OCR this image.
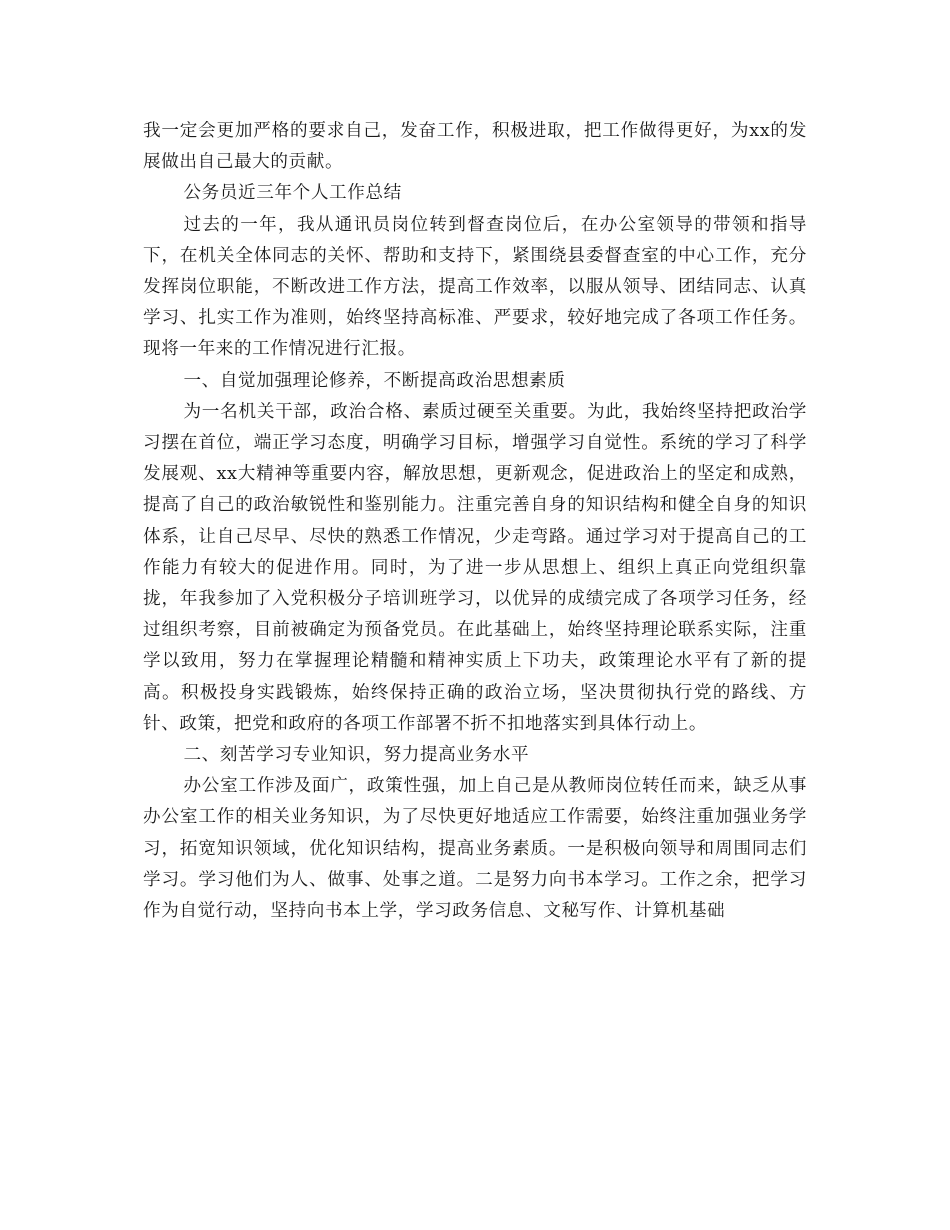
我一定会更加严格的要求自己，发奋工作，积极进取，把工作做得更好，为xx的发展做出自己最大的贡献。

公务员近三年个人工作总结

过去的一年，我从通讯员岗位转到督查岗位后，在办公室领导的带领和指导下，在机关全体同志的关怀、帮助和支持下，紧围绕县委督查室的中心工作，充分发挥岗位职能，不断改进工作方法，提高工作效率，以服从领导、团结同志、认真学习、扎实工作为准则，始终坚持高标准、严要求，较好地完成了各项工作任务。现将一年来的工作情况进行汇报。

一、自觉加强理论修养，不断提高政治思想素质

为一名机关干部，政治合格、素质过硬至关重要。为此，我始终坚持把政治学习摆在首位，端正学习态度，明确学习目标，增强学习自觉性。系统的学习了科学发展观、xx大精神等重要内容，解放思想，更新观念，促进政治上的坚定和成熟，提高了自己的政治敏锐性和鉴别能力。注重完善自身的知识结构和健全自身的知识体系，让自己尽早、尽快的熟悉工作情况，少走弯路。通过学习对于提高自己的工作能力有较大的促进作用。同时，为了进一步从思想上、组织上真正向党组织靠拢，年我参加了入党积极分子培训班学习，以优异的成绩完成了各项学习任务，经过组织考察，目前被确定为预备党员。在此基础上，始终坚持理论联系实际，注重学以致用，努力在掌握理论精髓和精神实质上下功夫，政策理论水平有了新的提高。积极投身实践锻炼，始终保持正确的政治立场，坚决贯彻执行党的路线、方针、政策，把党和政府的各项工作部署不折不扣地落实到具体行动上。

二、刻苦学习专业知识，努力提高业务水平

办公室工作涉及面广，政策性强，加上自己是从教师岗位转任而来，缺乏从事办公室工作的相关业务知识，为了尽快更好地适应工作需要，始终注重加强业务学习，拓宽知识领域，优化知识结构，提高业务素质。一是积极向领导和周围同志们学习。学习他们为人、做事、处事之道。二是努力向书本学习。工作之余，把学习作为自觉行动，坚持向书本上学，学习政务信息、文秘写作、计算机基础
